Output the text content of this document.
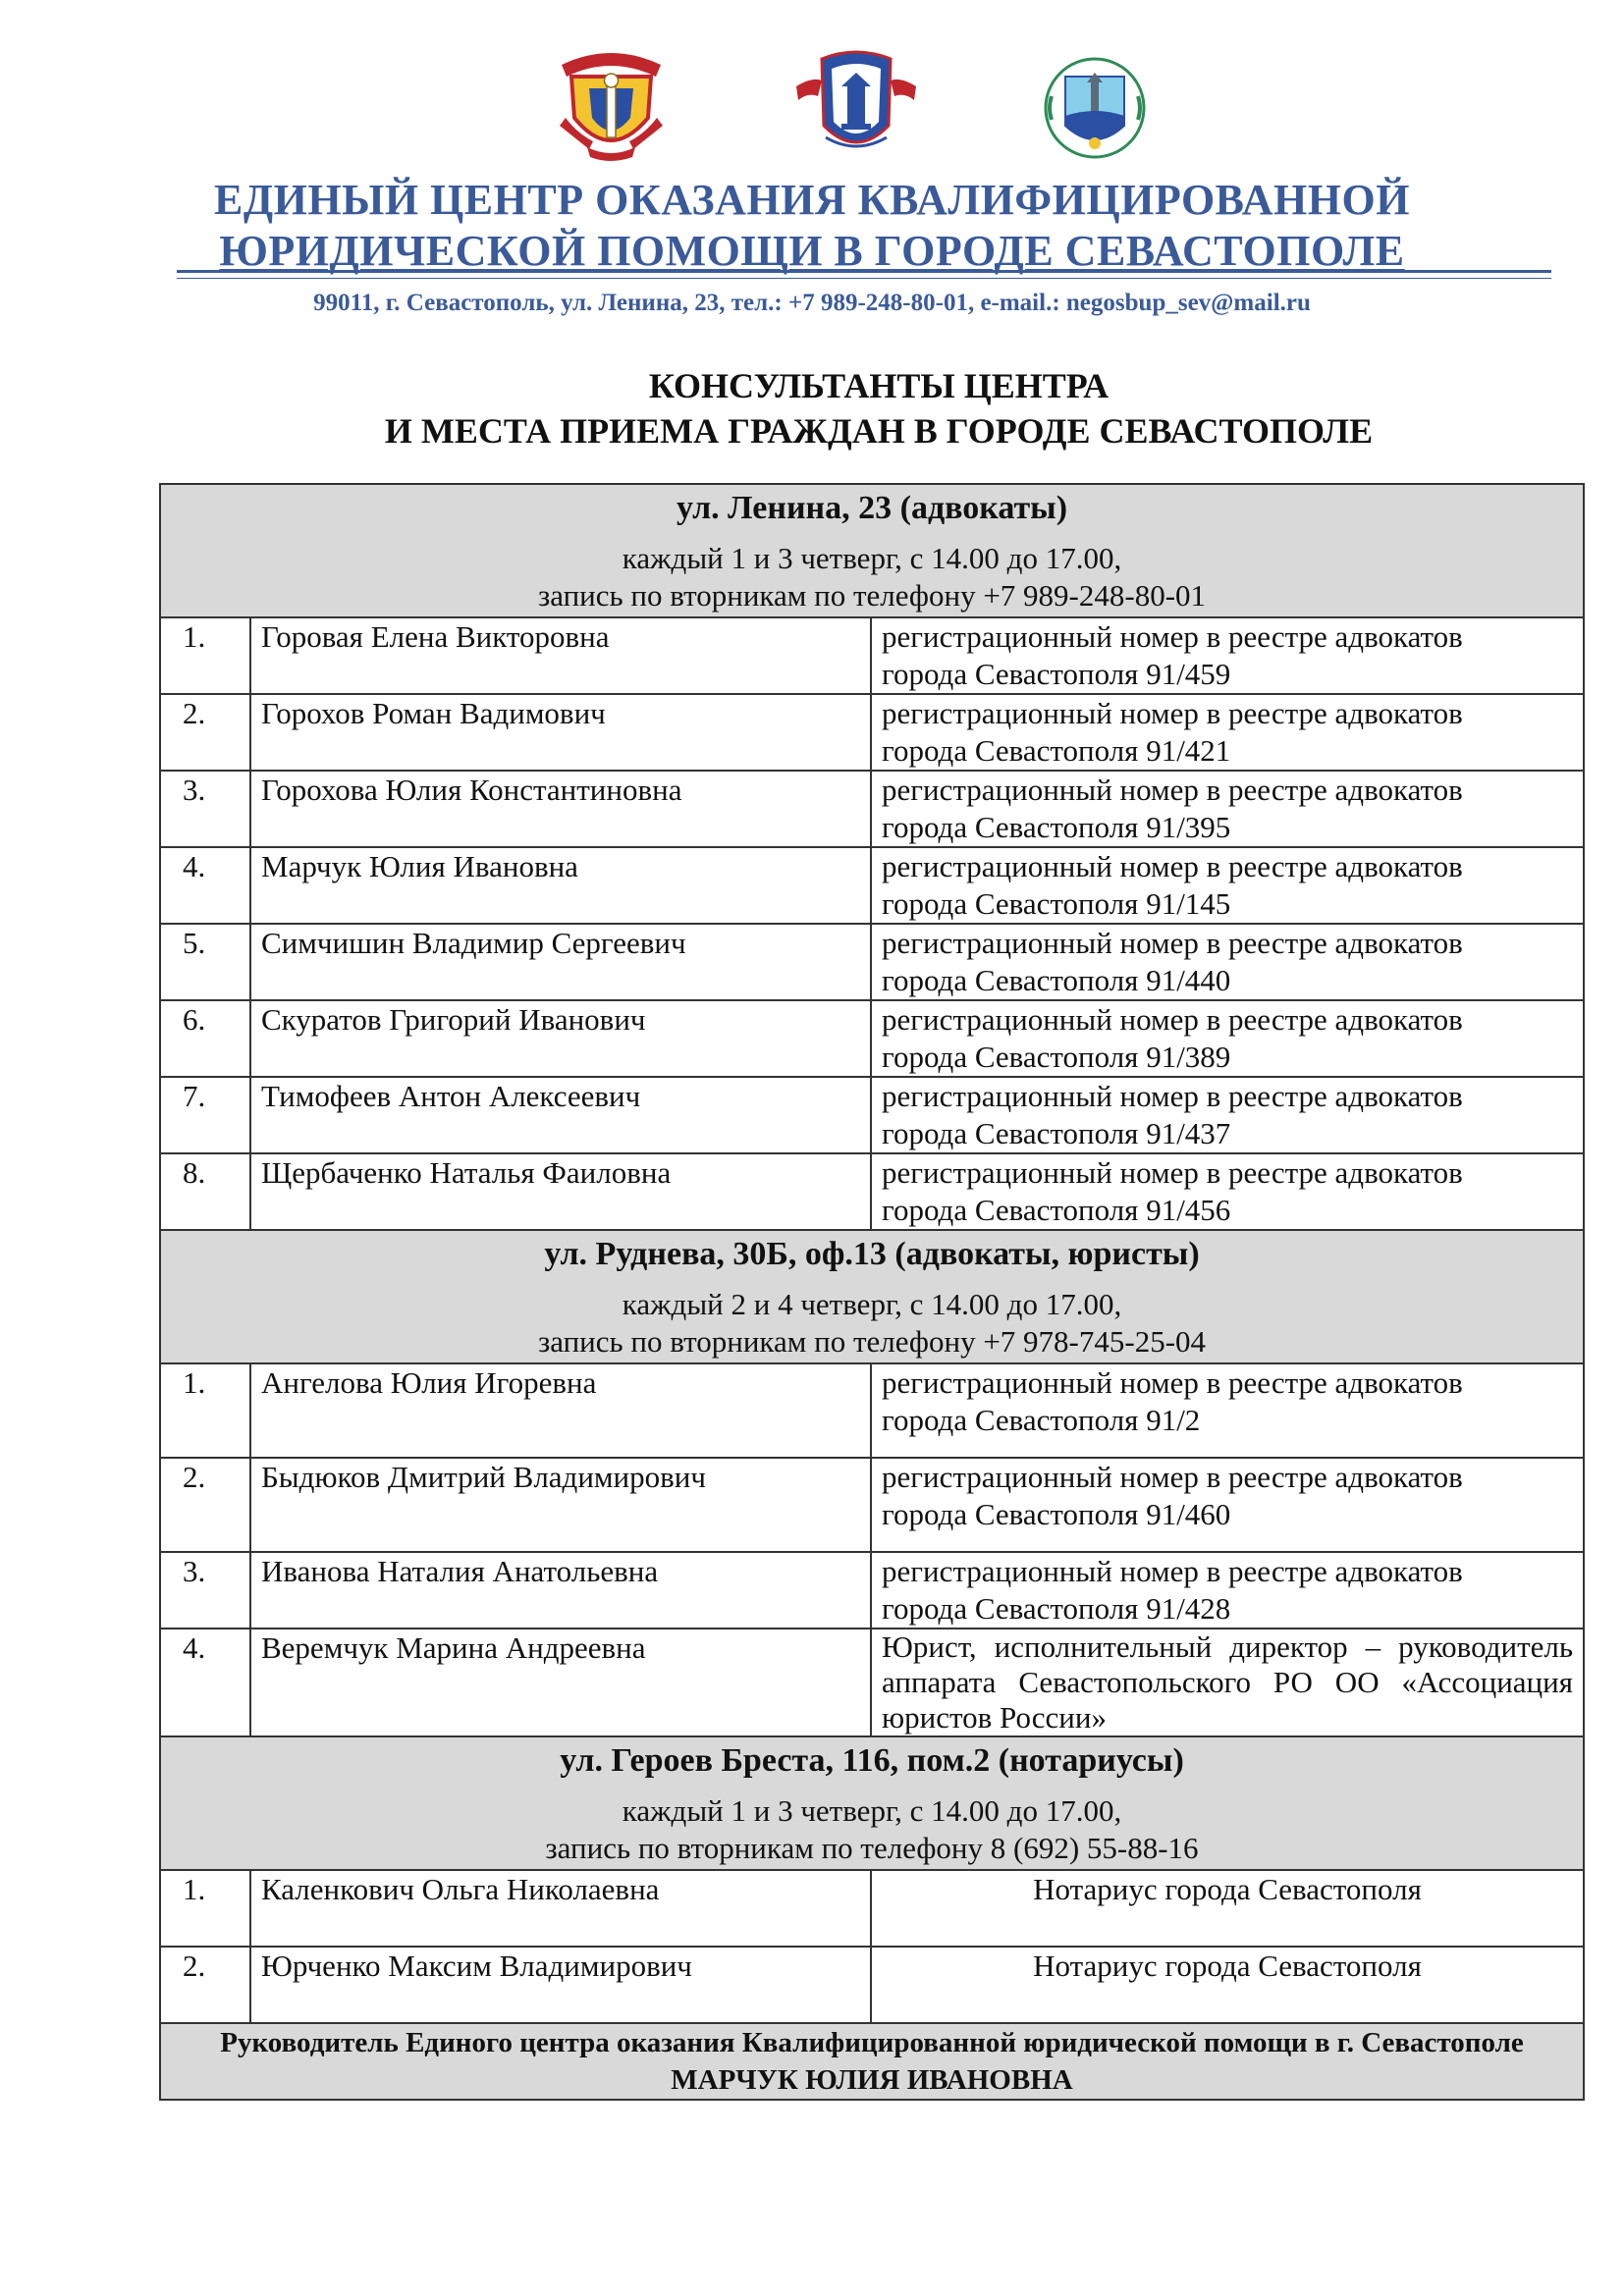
ЕДИНЫЙ ЦЕНТР ОКАЗАНИЯ КВАЛИФИЦИРОВАННОЙ
ЮРИДИЧЕСКОЙ ПОМОЩИ В ГОРОДЕ СЕВАСТОПОЛЕ
99011, г. Севастополь, ул. Ленина, 23, тел.: +7 989-248-80-01, e-mail.: negosbup_sev@mail.ru
КОНСУЛЬТАНТЫ ЦЕНТРА
И МЕСТА ПРИЕМА ГРАЖДАН В ГОРОДЕ СЕВАСТОПОЛЕ
ул. Ленина, 23 (адвокаты)
каждый 1 и 3 четверг, с 14.00 до 17.00,
запись по вторникам по телефону +7 989-248-80-01		

1.	Горовая Елена Викторовна	регистрационный номер в реестре адвокатов
города Севастополя 91/459
2.	Горохов Роман Вадимович	регистрационный номер в реестре адвокатов
города Севастополя 91/421
3.	Горохова Юлия Константиновна	регистрационный номер в реестре адвокатов
города Севастополя 91/395
4.	Марчук Юлия Ивановна	регистрационный номер в реестре адвокатов
города Севастополя 91/145
5.	Симчишин Владимир Сергеевич	регистрационный номер в реестре адвокатов
города Севастополя 91/440
6.	Скуратов Григорий Иванович	регистрационный номер в реестре адвокатов
города Севастополя 91/389
7.	Тимофеев Антон Алексеевич	регистрационный номер в реестре адвокатов
города Севастополя 91/437
8.	Щербаченко Наталья Фаиловна	регистрационный номер в реестре адвокатов
города Севастополя 91/456

ул. Руднева, 30Б, оф.13 (адвокаты, юристы)
каждый 2 и 4 четверг, с 14.00 до 17.00,
запись по вторникам по телефону +7 978-745-25-04		

1.	Ангелова Юлия Игоревна	регистрационный номер в реестре адвокатов
города Севастополя 91/2
2.	Быдюков Дмитрий Владимирович	регистрационный номер в реестре адвокатов
города Севастополя 91/460
3.	Иванова Наталия Анатольевна	регистрационный номер в реестре адвокатов
города Севастополя 91/428
4.	Веремчук Марина Андреевна	Юрист, исполнительный директор – руководитель аппарата Севастопольского РО ОО «Ассоциация юристов России»

ул. Героев Бреста, 116, пом.2 (нотариусы)
каждый 1 и 3 четверг, с 14.00 до 17.00,
запись по вторникам по телефону 8 (692) 55-88-16		

1.	Каленкович Ольга Николаевна	Нотариус города Севастополя
2.	Юрченко Максим Владимирович	Нотариус города Севастополя
Руководитель Единого центра оказания Квалифицированной юридической помощи в г. Севастополе
МАРЧУК ЮЛИЯ ИВАНОВНА		
